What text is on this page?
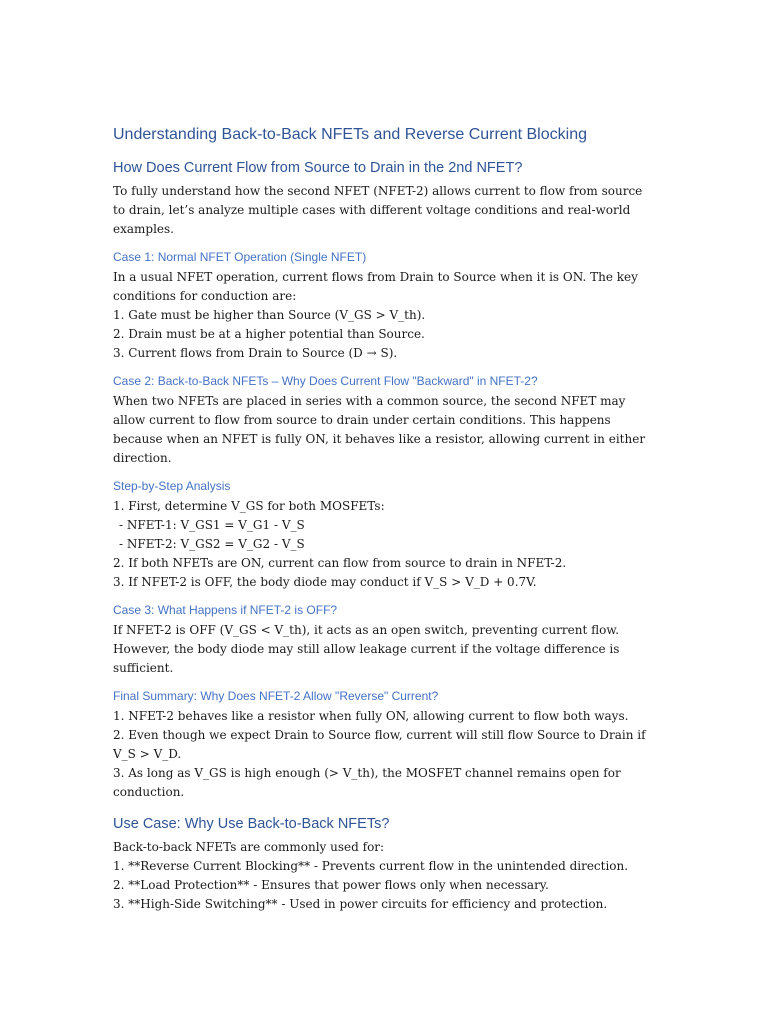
Understanding Back-to-Back NFETs and Reverse Current Blocking
How Does Current Flow from Source to Drain in the 2nd NFET?

To fully understand how the second NFET (NFET-2) allows current to flow from source to drain, let’s analyze multiple cases with different voltage conditions and real-world examples.

Case 1: Normal NFET Operation (Single NFET)

In a usual NFET operation, current flows from Drain to Source when it is ON. The key conditions for conduction are:

1. Gate must be higher than Source (V_GS > V_th).

2. Drain must be at a higher potential than Source.

3. Current flows from Drain to Source (D → S).

Case 2: Back-to-Back NFETs – Why Does Current Flow "Backward" in NFET-2?

When two NFETs are placed in series with a common source, the second NFET may allow current to flow from source to drain under certain conditions. This happens because when an NFET is fully ON, it behaves like a resistor, allowing current in either direction.

Step-by-Step Analysis

1. First, determine V_GS for both MOSFETs:

- NFET-1: V_GS1 = V_G1 - V_S

- NFET-2: V_GS2 = V_G2 - V_S

2. If both NFETs are ON, current can flow from source to drain in NFET-2.

3. If NFET-2 is OFF, the body diode may conduct if V_S > V_D + 0.7V.

Case 3: What Happens if NFET-2 is OFF?

If NFET-2 is OFF (V_GS < V_th), it acts as an open switch, preventing current flow. However, the body diode may still allow leakage current if the voltage difference is sufficient.

Final Summary: Why Does NFET-2 Allow "Reverse" Current?

1. NFET-2 behaves like a resistor when fully ON, allowing current to flow both ways.

2. Even though we expect Drain to Source flow, current will still flow Source to Drain if V_S > V_D.

3. As long as V_GS is high enough (> V_th), the MOSFET channel remains open for conduction.

Use Case: Why Use Back-to-Back NFETs?

Back-to-back NFETs are commonly used for:

1. **Reverse Current Blocking** - Prevents current flow in the unintended direction.

2. **Load Protection** - Ensures that power flows only when necessary.

3. **High-Side Switching** - Used in power circuits for efficiency and protection.
